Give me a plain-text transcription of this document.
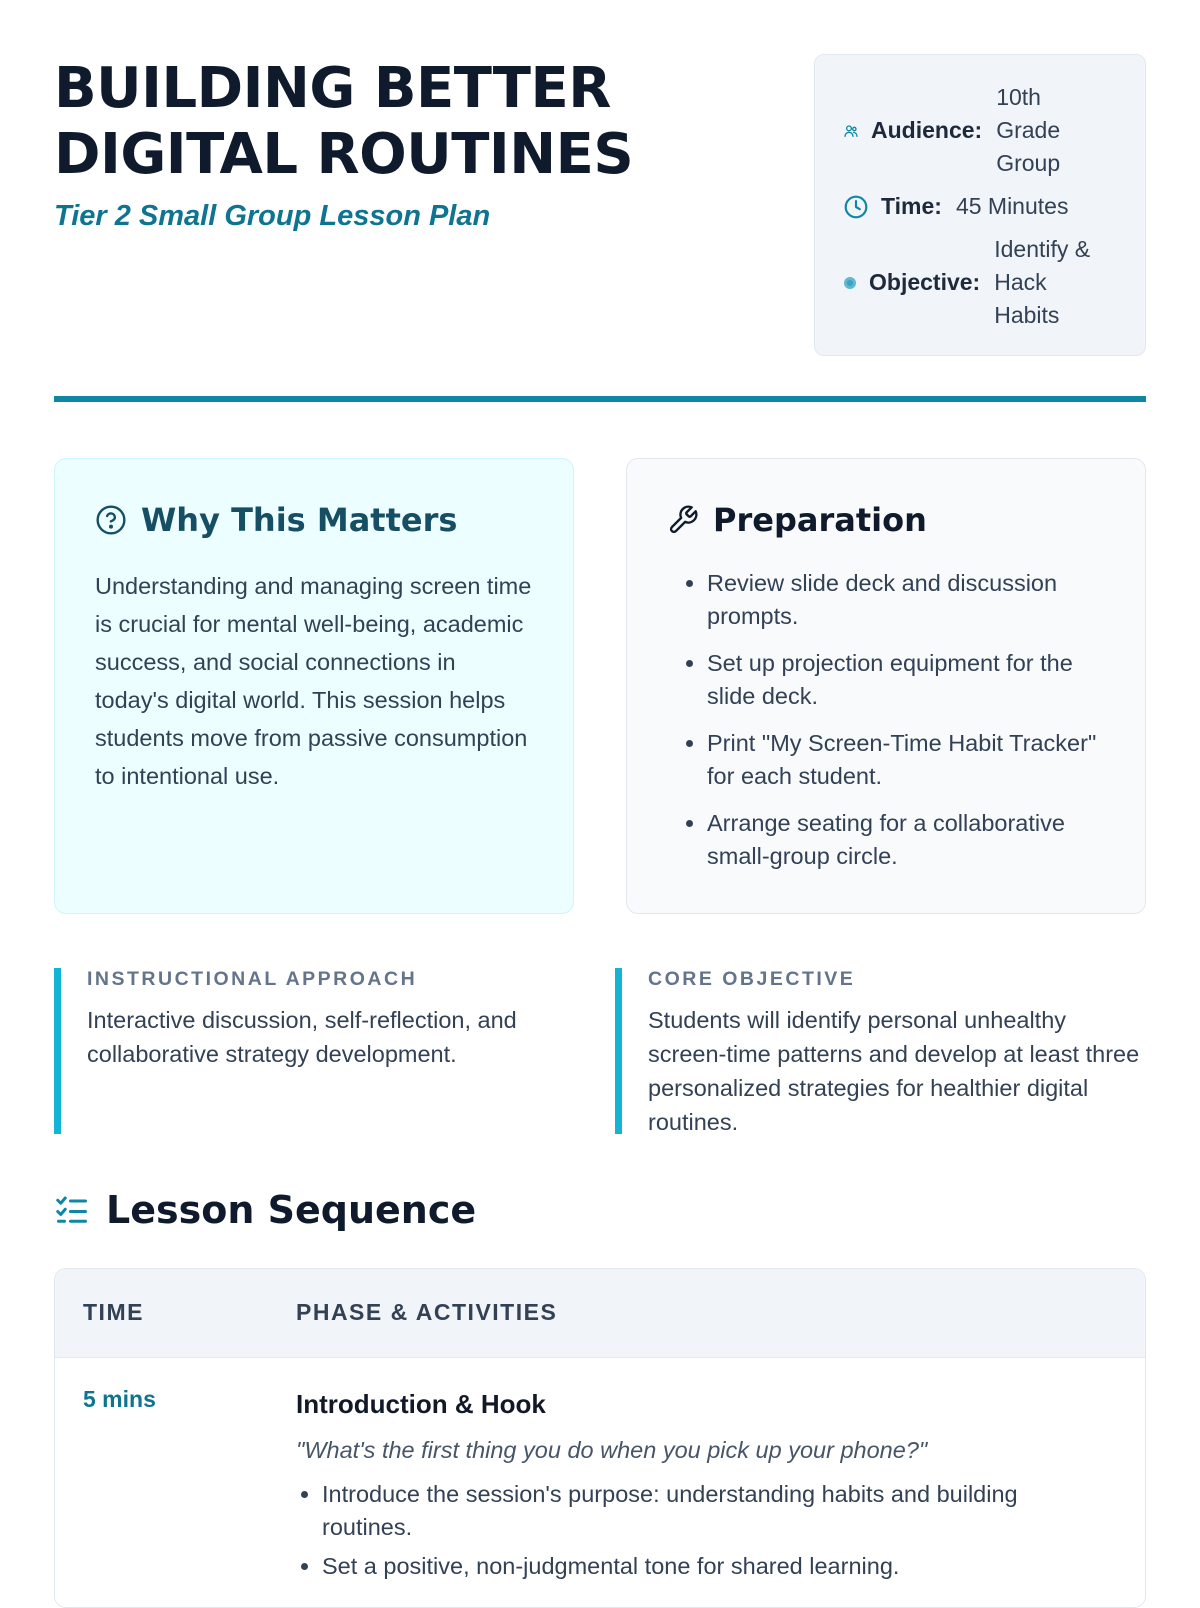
BUILDING BETTER
DIGITAL ROUTINES

Tier 2 Small Group Lesson Plan

Audience:
10th Grade Group
Time: 45 Minutes
Objective:
Identify & Hack Habits
Why This Matters

Understanding and managing screen time is crucial for mental well-being, academic success, and social connections in today's digital world. This session helps students move from passive consumption to intentional use.

Preparation
• Review slide deck and discussion prompts.
• Set up projection equipment for the slide deck.
• Print "My Screen-Time Habit Tracker" for each student.
• Arrange seating for a collaborative small-group circle.

INSTRUCTIONAL APPROACH

Interactive discussion, self-reflection, and collaborative strategy development.

CORE OBJECTIVE

Students will identify personal unhealthy screen-time patterns and develop at least three personalized strategies for healthier digital routines.

Lesson Sequence
TIME	PHASE & ACTIVITIES
5 mins	Introduction & Hook

"What's the first thing you do when you pick up your phone?"

• Introduce the session's purpose: understanding habits and building routines.
• Set a positive, non-judgmental tone for shared learning.
